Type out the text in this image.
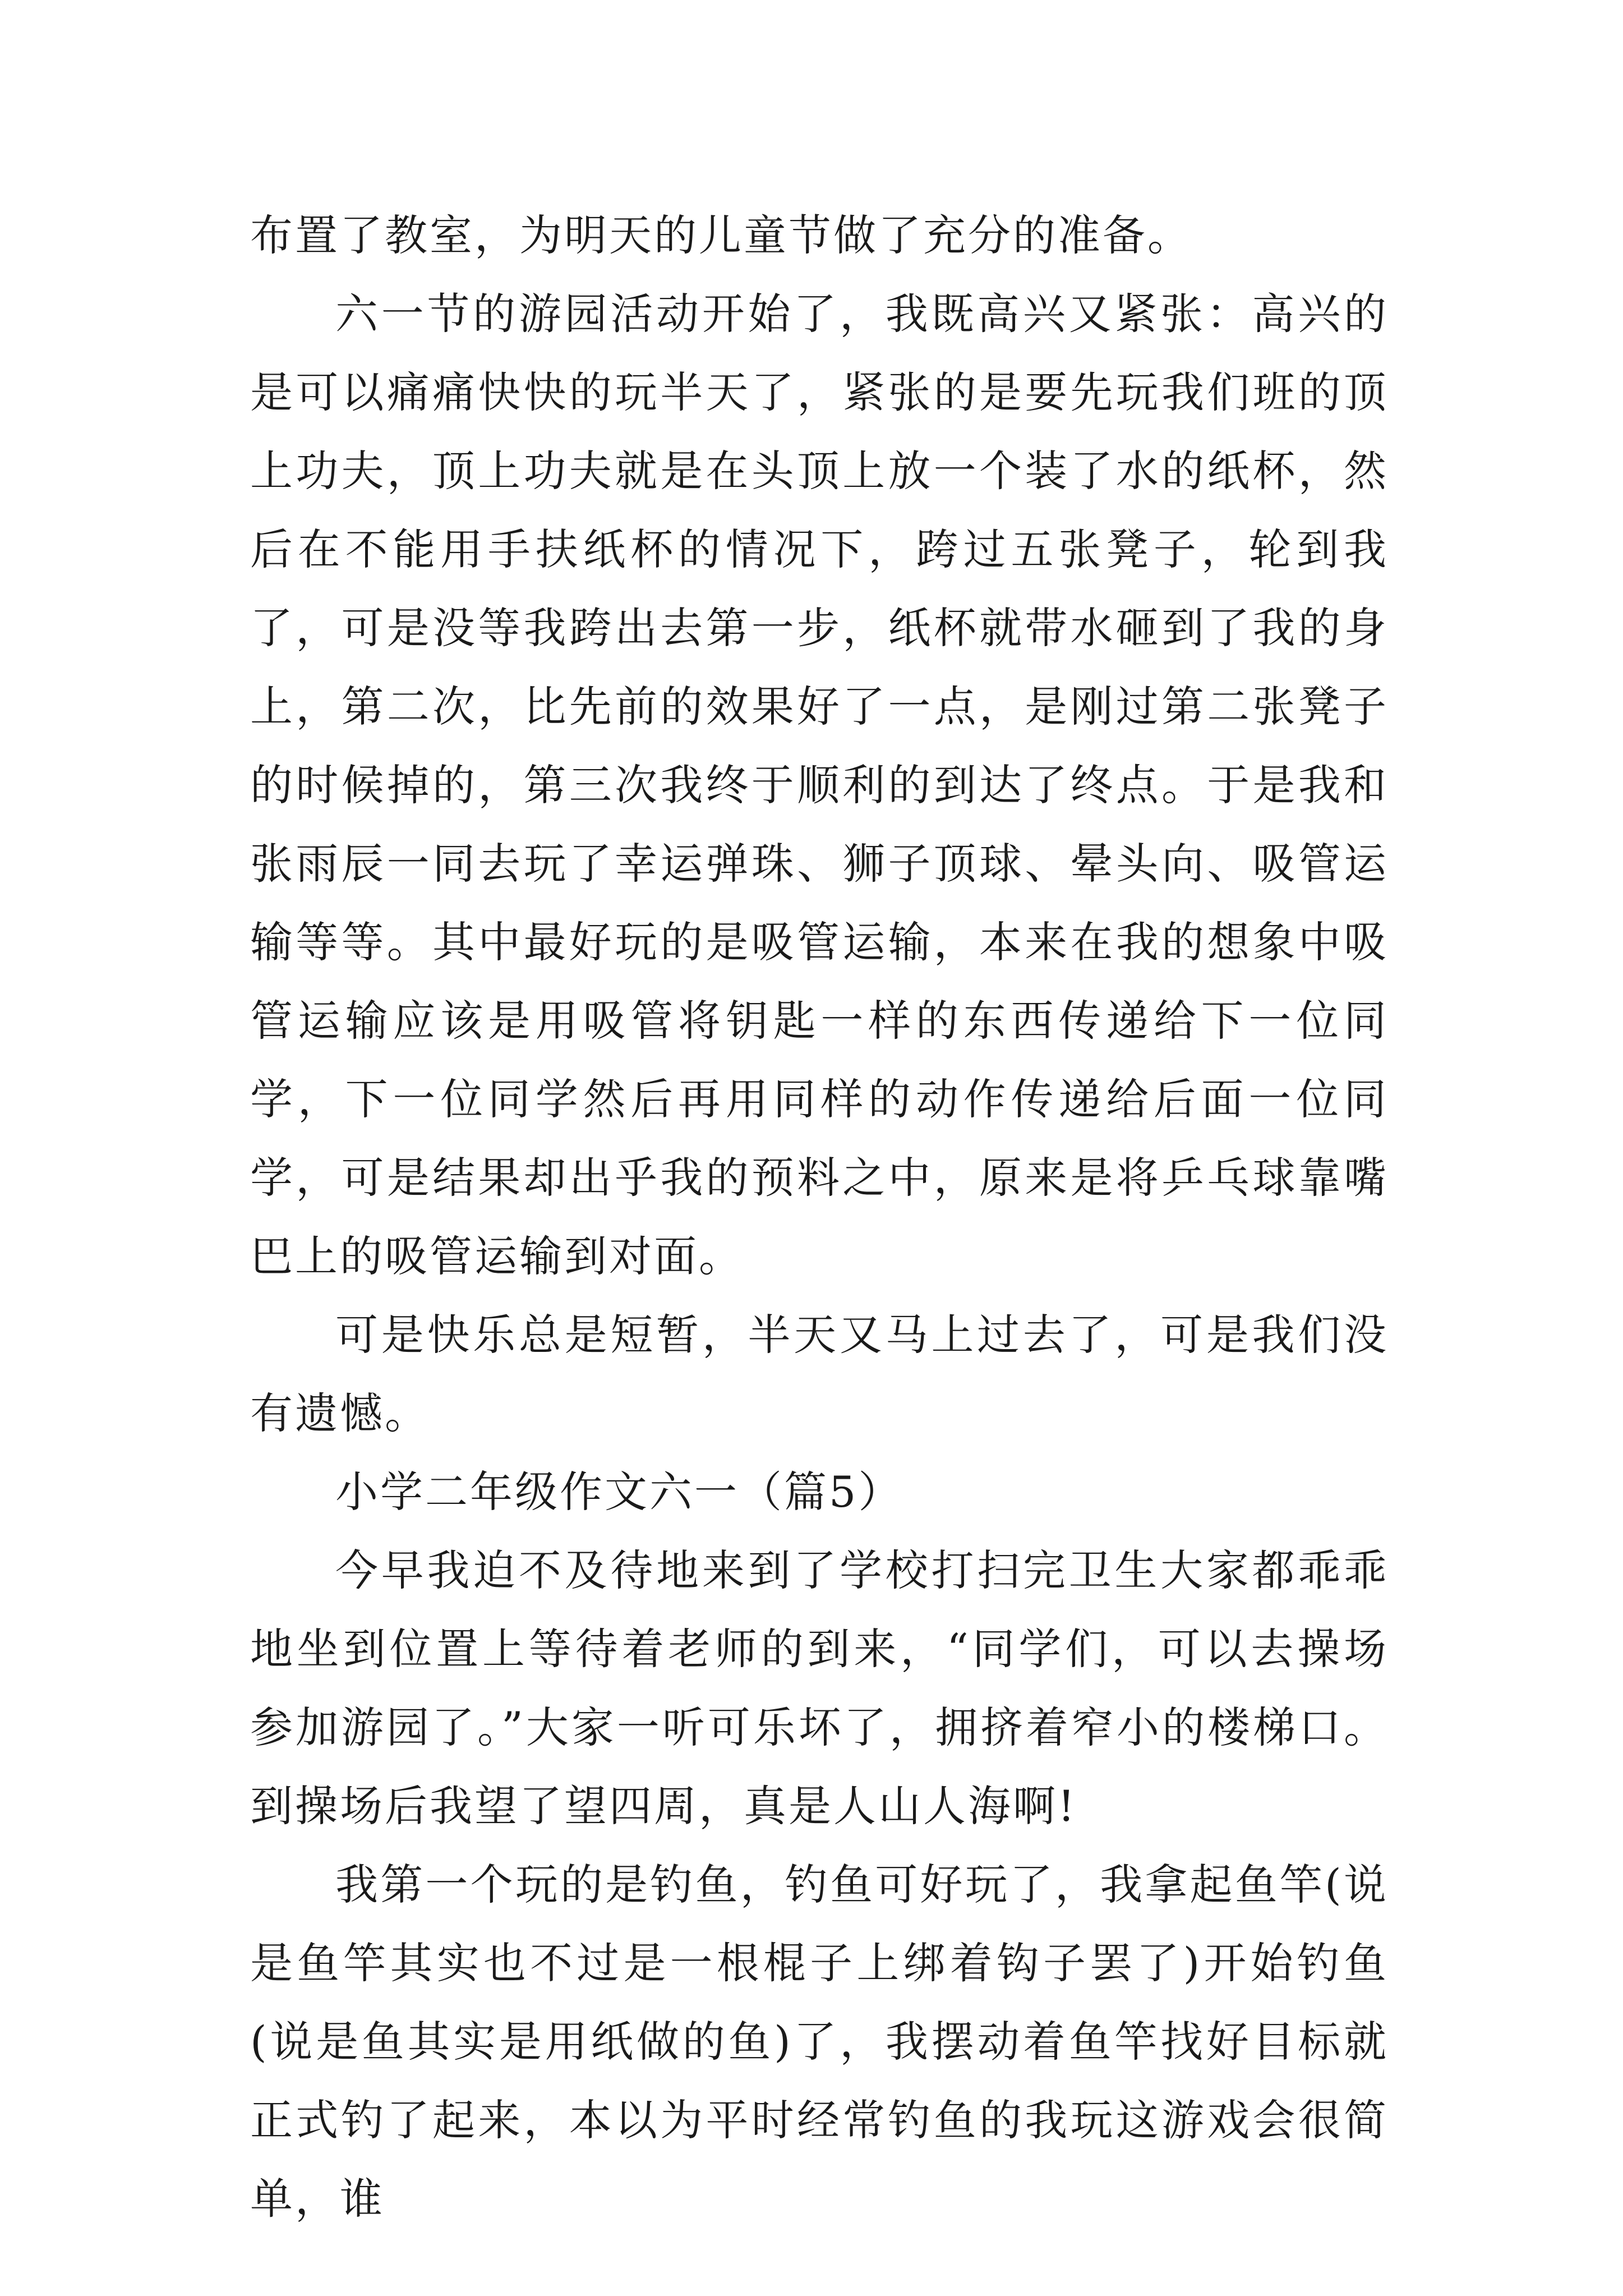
布置了教室，为明天的儿童节做了充分的准备。

六一节的游园活动开始了，我既高兴又紧张：高兴的是可以痛痛快快的玩半天了，紧张的是要先玩我们班的顶上功夫，顶上功夫就是在头顶上放一个装了水的纸杯，然后在不能用手扶纸杯的情况下，跨过五张凳子，轮到我了，可是没等我跨出去第一步，纸杯就带水砸到了我的身上，第二次，比先前的效果好了一点，是刚过第二张凳子的时候掉的，第三次我终于顺利的到达了终点。于是我和张雨辰一同去玩了幸运弹珠、狮子顶球、晕头向、吸管运输等等。其中最好玩的是吸管运输，本来在我的想象中吸管运输应该是用吸管将钥匙一样的东西传递给下一位同学，下一位同学然后再用同样的动作传递给后面一位同学，可是结果却出乎我的预料之中，原来是将乒乓球靠嘴巴上的吸管运输到对面。

可是快乐总是短暂，半天又马上过去了，可是我们没有遗憾。

小学二年级作文六一（篇5）

今早我迫不及待地来到了学校打扫完卫生大家都乖乖地坐到位置上等待着老师的到来，“同学们，可以去操场参加游园了。”大家一听可乐坏了，拥挤着窄小的楼梯口。到操场后我望了望四周，真是人山人海啊!

我第一个玩的是钓鱼，钓鱼可好玩了，我拿起鱼竿(说是鱼竿其实也不过是一根棍子上绑着钩子罢了)开始钓鱼(说是鱼其实是用纸做的鱼)了，我摆动着鱼竿找好目标就正式钓了起来，本以为平时经常钓鱼的我玩这游戏会很简单，谁
